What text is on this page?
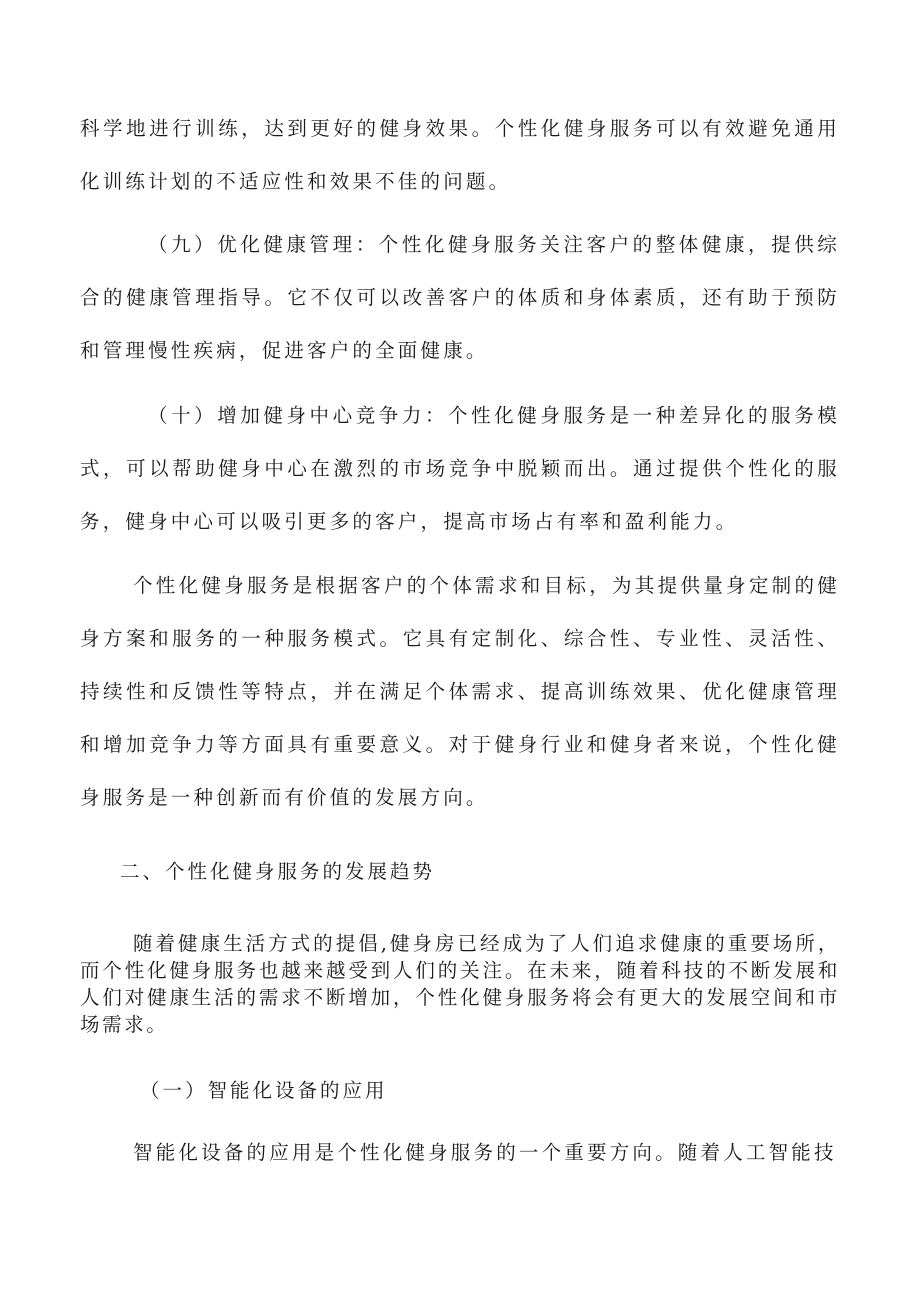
科学地进行训练，达到更好的健身效果。个性化健身服务可以有效避免通用化训练计划的不适应性和效果不佳的问题。

（九）优化健康管理：个性化健身服务关注客户的整体健康，提供综合的健康管理指导。它不仅可以改善客户的体质和身体素质，还有助于预防和管理慢性疾病，促进客户的全面健康。

（十）增加健身中心竞争力：个性化健身服务是一种差异化的服务模式，可以帮助健身中心在激烈的市场竞争中脱颖而出。通过提供个性化的服务，健身中心可以吸引更多的客户，提高市场占有率和盈利能力。

个性化健身服务是根据客户的个体需求和目标，为其提供量身定制的健身方案和服务的一种服务模式。它具有定制化、综合性、专业性、灵活性、持续性和反馈性等特点，并在满足个体需求、提高训练效果、优化健康管理和增加竞争力等方面具有重要意义。对于健身行业和健身者来说，个性化健身服务是一种创新而有价值的发展方向。

二、个性化健身服务的发展趋势

随着健康生活方式的提倡,健身房已经成为了人们追求健康的重要场所，而个性化健身服务也越来越受到人们的关注。在未来，随着科技的不断发展和人们对健康生活的需求不断增加，个性化健身服务将会有更大的发展空间和市场需求。

（一）智能化设备的应用

智能化设备的应用是个性化健身服务的一个重要方向。随着人工智能技
